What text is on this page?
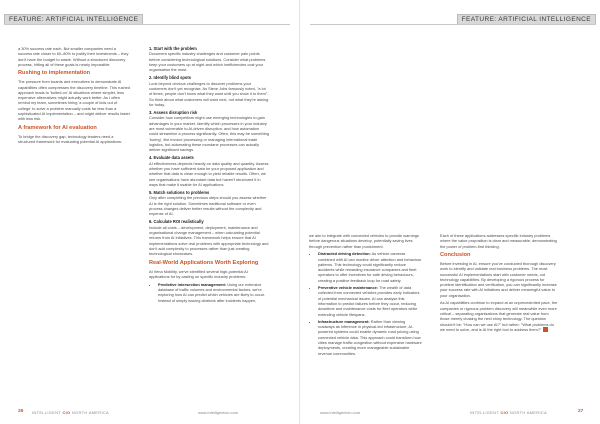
FEATURE: ARTIFICIAL INTELLIGENCE

a 30% success rate each. But smaller companies need a success rate closer to 60–80% to justify their investments – they don't have the budget to waste. Without a structured discovery process, hitting all of these goals is nearly impossible.

Rushing to implementation

The pressure from boards and executives to demonstrate AI capabilities often compresses the discovery timeline. This rushed approach leads to 'bolted-on' AI situations where simpler, less expensive alternatives might actually work better. As I often remind my team, sometimes hiring 'a couple of kids out of college' to solve a problem manually costs far less than a sophisticated AI implementation – and might deliver results faster with less risk.

A framework for AI evaluation

To bridge the discovery gap, technology leaders need a structured framework for evaluating potential AI applications:

1. Start with the problem

Document specific industry challenges and customer pain points before considering technological solutions. Consider what problems keep your customers up at night and which inefficiencies cost your organisation the most.

2. Identify blind spots

Look beyond obvious challenges to discover problems your customers don't yet recognise. As Steve Jobs famously noted, "a lot of times, people don't know what they want until you show it to them". So think about what customers will want next, not what they're asking for today.

3. Assess disruption risk

Consider how competitors might use emerging technologies to gain advantages in your market. Identify which processes in your industry are most vulnerable to AI-driven disruption, and how automation could streamline a process significantly. Often, this may be something 'boring', like invoice processing or managing international trade logistics, but automating these mundane processes can actually deliver significant savings.

4. Evaluate data assets

AI effectiveness depends heavily on data quality and quantity. Assess whether you have sufficient data for your proposed application and whether that data is clean enough to yield reliable results. Often, we see organisations have abundant data but haven't structured it in ways that make it usable for AI applications.

5. Match solutions to problems

Only after completing the previous steps should you assess whether AI is the right solution. Sometimes traditional software or even process changes deliver better results without the complexity and expense of AI.

6. Calculate ROI realistically

Include all costs – development, deployment, maintenance and organisational change management – when calculating potential returns from AI initiatives. This framework helps ensure that AI implementations solve real problems with appropriate technology and don't add complexity to processes rather than just creating technological showcases.

Real-World Applications Worth Exploring

At Vena Mobility, we've identified several high-potential AI applications for by casting on specific industry problems:

• Predictive intersection management: Using our extensive database of traffic volumes and environmental factors, we're exploring how AI can predict which vehicles are likely to occur. Instead of simply issuing citations after incidents happen,
26 INTELLIGENT CIO NORTH AMERICA	www.intelligentcio.com
FEATURE: ARTIFICIAL INTELLIGENCE

we aim to integrate with connected vehicles to provide warnings before dangerous situations develop, potentially saving lives through prevention rather than punishment.

• Distracted driving detection: As vehicle cameras combined with AI can monitor driver attention and behaviour patterns. This technology could significantly reduce accidents while rewarding insurance companies and fleet operators to offer incentives for safe driving behaviours, creating a positive feedback loop for road safety.
• Preventive vehicle maintenance: The wealth of data collected from connected vehicles provides early indicators of potential mechanical issues. AI can analyse this information to predict failures before they occur, reducing downtime and maintenance costs for fleet operators while extending vehicle lifespans.
• Infrastructure management: Rather than viewing roadways as inference in physical-led infrastructure, AI-powered systems could enable dynamic road pricing using connected vehicle data. This approach could transform how cities manage traffic congestion without expensive hardware deployments, creating more manageable sustainable revenue communities.

Each of these applications addresses specific industry problems where the value proposition is clear and measurable, demonstrating the power of problem-first thinking.

Conclusion

Before investing in AI, ensure you've conducted thorough discovery work to identify and validate real business problems. The most successful AI implementations start with customer needs, not technology capabilities. By developing a rigorous process for problem identification and verification, you can significantly increase your success rate with AI initiatives and deliver meaningful value to your organisation.

As AI capabilities continue to expand at an unprecedented pace, the companies or rigorous problem discovery will meanwhile even more critical – separating organisations that generate real value from those merely chasing the next shiny technology. The question shouldn't be: "How can we use AI?" but rather: "What problems do we need to solve, and is AI the right tool to address them?"

www.intelligentcio.com	INTELLIGENT CIO NORTH AMERICA	27
